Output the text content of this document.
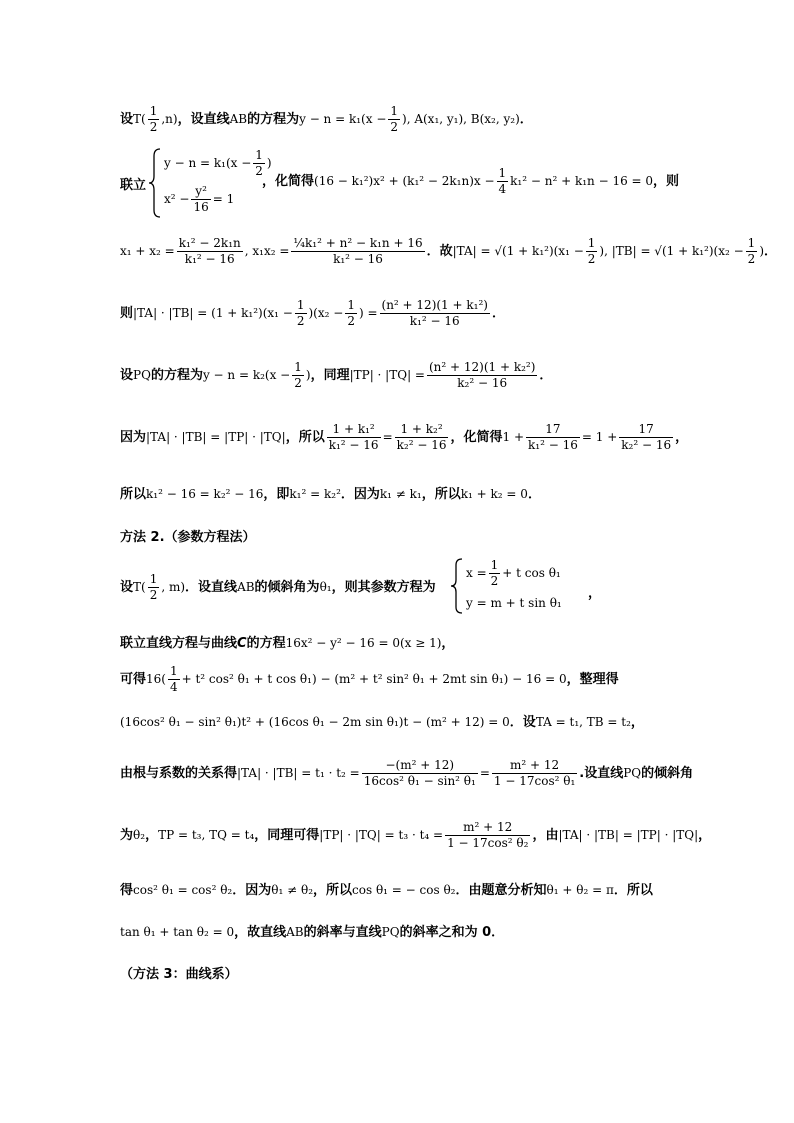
设$T( \frac{1}{2} ,n)$，设直线AB的方程为$y - n = k_1(x - \frac{1}{2}$ ), A(x₁, y₁), B(x₂, y₂)．
联立
$y - n = k_1(x - \frac{1}{2}$ )
$x^2 - \frac{\text{y²}}{16} = 1$
，化简得$(16 - k_1^2)x^2 + (k_1^2 - 2k_1n)x - \frac{1}{4} k_1^2 - n^2 + k_1n - 16 = 0$，则
$x_1 + x_2 = \frac{\text{k₁² − 2k₁n}}{\text{k₁² − 16}}$ , $x_1x_2 = \frac{\text{¼k₁² + n² − k₁n + 16}}{\text{k₁² − 16}}$ ．故$|TA| = √(1 + k_1^2)(x_1 - \frac{1}{2}$ ), $|TB| = √(1 + k_1^2)(x_2 - \frac{1}{2}$ )．
则$|TA| \cdot |TB| = (1 + k_1^2)(x_1 - \frac{1}{2} )(x_2 - \frac{1}{2}$ ) = $\frac{\text{(n² + 12)(1 + k₁²)}}{\text{k₁² − 16}}$ ．
设PQ的方程为$y - n = k_2(x - \frac{1}{2}$ )，同理$|TP| \cdot |TQ| = \frac{\text{(n² + 12)(1 + k₂²)}}{\text{k₂² − 16}}$ ．
因为|TA| · |TB| = |TP| · |TQ|，所以 $\frac{\text{1 + k₁²}}{\text{k₁² − 16}} = \frac{\text{1 + k₂²}}{\text{k₂² − 16}}$ ，化简得$1 + \frac{17}{\text{k₁² − 16}} = 1 + \frac{17}{\text{k₂² − 16}}$ ，
所以k₁² − 16 = k₂² − 16，即k₁² = k₂²．因为k₁ ≠ k₁，所以k₁ + k₂ = 0．
方法 2.（参数方程法）
设$T( \frac{1}{2}$ , m)．设直线AB的倾斜角为θ₁，则其参数方程为
$x = \frac{1}{2} + t$ cos θ₁
y = m + t sin θ₁
，
联立直线方程与曲线C的方程16x² − y² − 16 = 0(x ≥ 1)，
可得$16( \frac{1}{4} + t^2$ cos² θ₁ + t cos θ₁) − (m² + t² sin² θ₁ + 2mt sin θ₁) − 16 = 0，整理得
(16cos² θ₁ − sin² θ₁)t² + (16cos θ₁ − 2m sin θ₁)t − (m² + 12) = 0．设TA = t₁, TB = t₂，
由根与系数的关系得$|TA| \cdot |TB| = t_1 \cdot t_2 = \frac{\text{−(m² + 12)}}{\text{16cos² θ₁ − sin² θ₁}} = \frac{\text{m² + 12}}{\text{1 − 17cos² θ₁}}$ .设直线PQ的倾斜角
为θ₂，TP = t₃, TQ = t₄，同理可得$|TP| \cdot |TQ| = t_3 \cdot t_4 = \frac{\text{m² + 12}}{\text{1 − 17cos² θ₂}}$ ，由|TA| · |TB| = |TP| · |TQ|，
得cos² θ₁ = cos² θ₂．因为θ₁ ≠ θ₂，所以cos θ₁ = − cos θ₂．由题意分析知θ₁ + θ₂ = π．所以
tan θ₁ + tan θ₂ = 0，故直线AB的斜率与直线PQ的斜率之和为 0．
（方法 3：曲线系）
